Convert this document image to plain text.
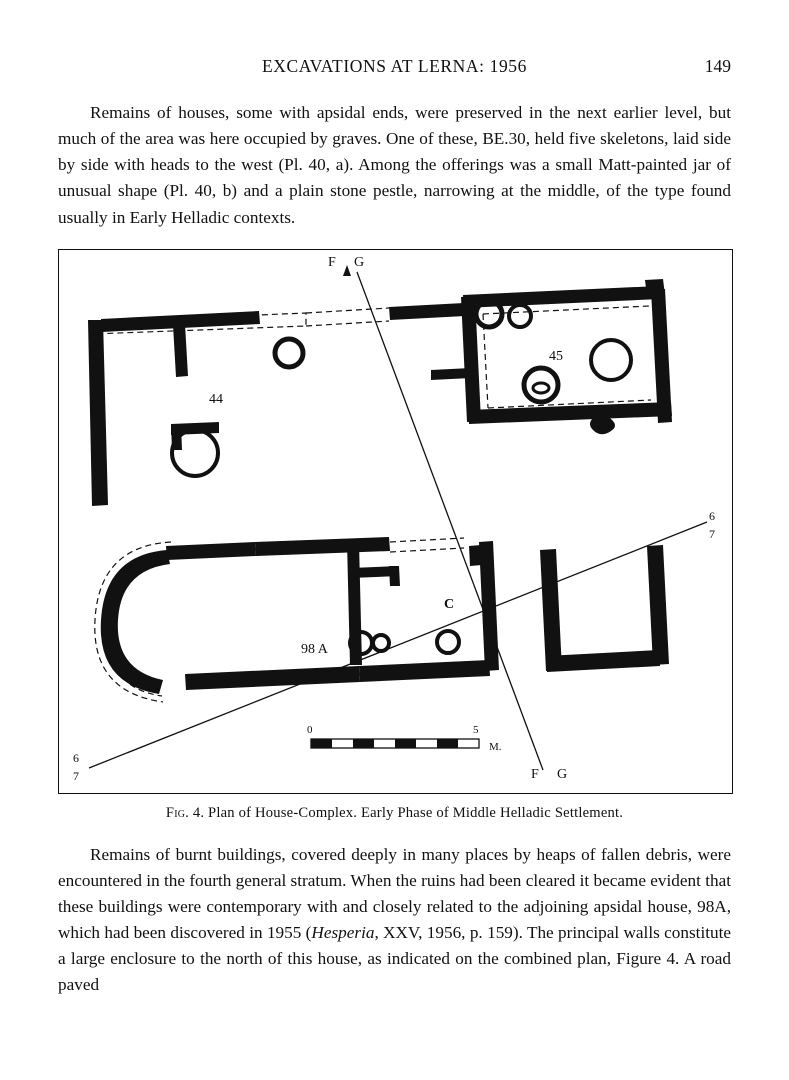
EXCAVATIONS AT LERNA: 1956	149

Remains of houses, some with apsidal ends, were preserved in the next earlier level, but much of the area was here occupied by graves. One of these, BE.30, held five skeletons, laid side by side with heads to the west (Pl. 40, a). Among the offerings was a small Matt-painted jar of unusual shape (Pl. 40, b) and a plain stone pestle, narrowing at the middle, of the type found usually in Early Helladic contexts.

44
45
98 A
C
F G
F G
6
7
6
7
0	5
M.
Fig. 4. Plan of House-Complex. Early Phase of Middle Helladic Settlement.

Remains of burnt buildings, covered deeply in many places by heaps of fallen debris, were encountered in the fourth general stratum. When the ruins had been cleared it became evident that these buildings were contemporary with and closely related to the adjoining apsidal house, 98A, which had been discovered in 1955 (Hesperia, XXV, 1956, p. 159). The principal walls constitute a large enclosure to the north of this house, as indicated on the combined plan, Figure 4. A road paved
